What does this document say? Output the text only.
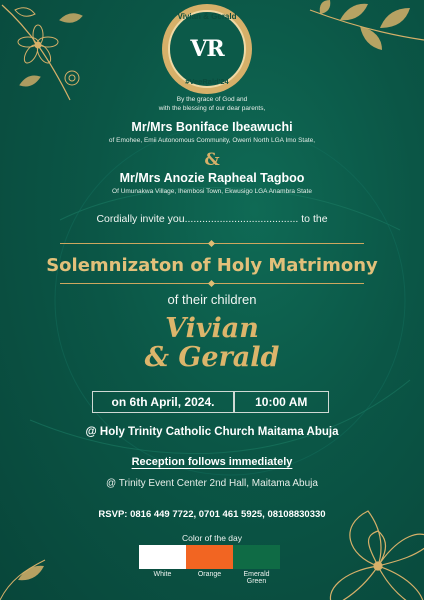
Vivian & Gerald
VR
#VeeRald'24
By the grace of God and
with the blessing of our dear parents,
Mr/Mrs Boniface Ibeawuchi
of Emohee, Emii Autonomous Community, Owerri North LGA Imo State,
&
Mr/Mrs Anozie Rapheal Tagboo
Of Umunakwa Village, Ihembosi Town, Ekwusigo LGA Anambra State
Cordially invite you....................................... to the
Solemnizaton of Holy Matrimony
of their children
Vivian
& Gerald
on 6th April, 2024.	10:00 AM
@ Holy Trinity Catholic Church Maitama Abuja
Reception follows immediately
@ Trinity Event Center 2nd Hall, Maitama Abuja
RSVP: 0816 449 7722, 0701 461 5925, 08108830330
Color of the day
White	Orange	Emerald Green
